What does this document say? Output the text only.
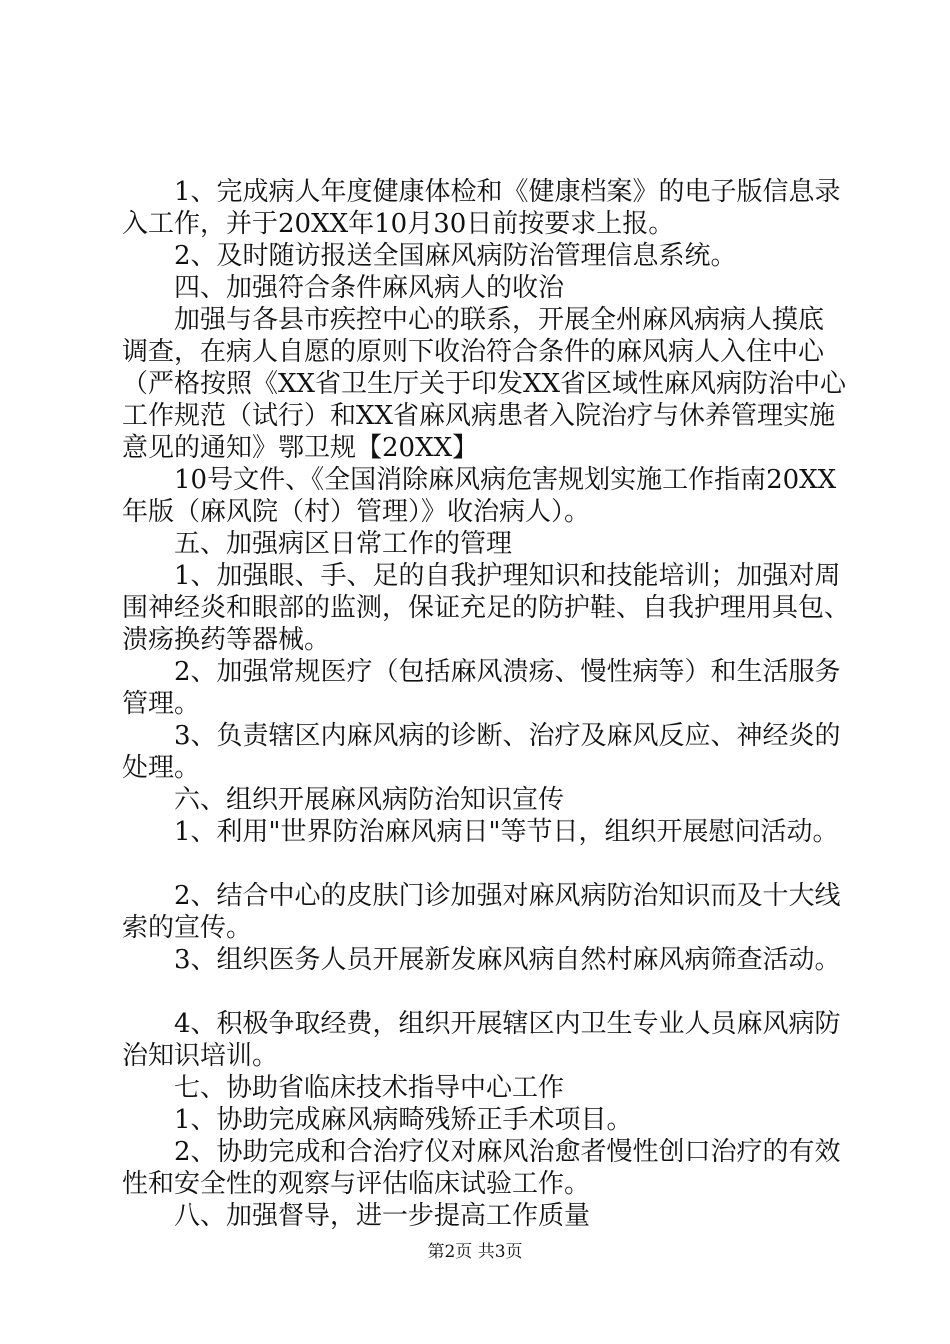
　　1、完成病人年度健康体检和《健康档案》的电子版信息录
入工作，并于20XX年10月30日前按要求上报。
　　2、及时随访报送全国麻风病防治管理信息系统。
　　四、加强符合条件麻风病人的收治
　　加强与各县市疾控中心的联系，开展全州麻风病病人摸底
调查，在病人自愿的原则下收治符合条件的麻风病人入住中心
（严格按照《XX省卫生厅关于印发XX省区域性麻风病防治中心
工作规范（试行）和XX省麻风病患者入院治疗与休养管理实施
意见的通知》鄂卫规【20XX】
　　10号文件、《全国消除麻风病危害规划实施工作指南20XX
年版（麻风院（村）管理）》收治病人）。
　　五、加强病区日常工作的管理
　　1、加强眼、手、足的自我护理知识和技能培训；加强对周
围神经炎和眼部的监测，保证充足的防护鞋、自我护理用具包、
溃疡换药等器械。
　　2、加强常规医疗（包括麻风溃疡、慢性病等）和生活服务
管理。
　　3、负责辖区内麻风病的诊断、治疗及麻风反应、神经炎的
处理。
　　六、组织开展麻风病防治知识宣传
　　1、利用"世界防治麻风病日"等节日，组织开展慰问活动。
　　2、结合中心的皮肤门诊加强对麻风病防治知识而及十大线
索的宣传。
　　3、组织医务人员开展新发麻风病自然村麻风病筛查活动。
　　4、积极争取经费，组织开展辖区内卫生专业人员麻风病防
治知识培训。
　　七、协助省临床技术指导中心工作
　　1、协助完成麻风病畸残矫正手术项目。
　　2、协助完成和合治疗仪对麻风治愈者慢性创口治疗的有效
性和安全性的观察与评估临床试验工作。
　　八、加强督导，进一步提高工作质量
第2页 共3页
